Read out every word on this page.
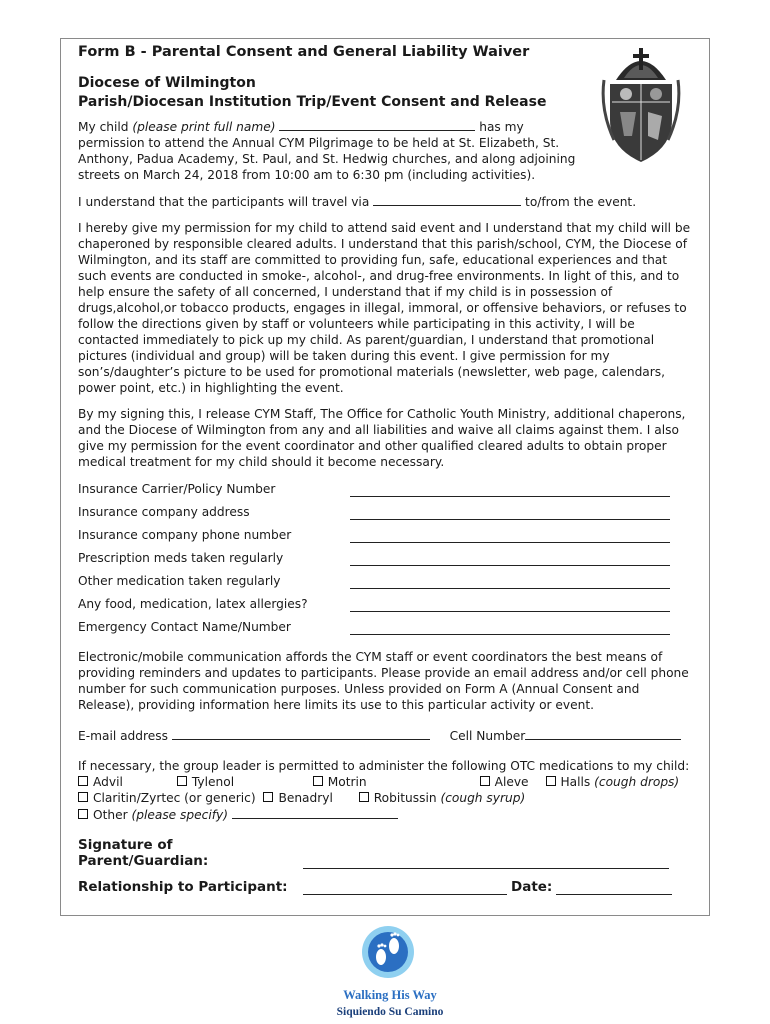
Form B - Parental Consent and General Liability Waiver
Diocese of Wilmington
Parish/Diocesan Institution Trip/Event Consent and Release
My child (please print full name)	has my permission to attend the Annual CYM Pilgrimage to be held at St. Elizabeth, St. Anthony, Padua Academy, St. Paul, and St. Hedwig churches, and along adjoining streets on March 24, 2018 from 10:00 am to 6:30 pm (including activities).
I understand that the participants will travel via	to/from the event.
I hereby give my permission for my child to attend said event and I understand that my child will be chaperoned by responsible cleared adults. I understand that this parish/school, CYM, the Diocese of Wilmington, and its staff are committed to providing fun, safe, educational experiences and that such events are conducted in smoke-, alcohol-, and drug-free environments. In light of this, and to help ensure the safety of all concerned, I understand that if my child is in possession of drugs,alcohol,or tobacco products, engages in illegal, immoral, or offensive behaviors, or refuses to follow the directions given by staff or volunteers while participating in this activity, I will be contacted immediately to pick up my child. As parent/guardian, I understand that promotional pictures (individual and group) will be taken during this event. I give permission for my son’s/daughter’s picture to be used for promotional materials (newsletter, web page, calendars, power point, etc.) in highlighting the event.
By my signing this, I release CYM Staff, The Office for Catholic Youth Ministry, additional chaperons, and the Diocese of Wilmington from any and all liabilities and waive all claims against them. I also give my permission for the event coordinator and other qualified cleared adults to obtain proper medical treatment for my child should it become necessary.
Insurance Carrier/Policy Number
Insurance company address
Insurance company phone number
Prescription meds taken regularly
Other medication taken regularly
Any food, medication, latex allergies?
Emergency Contact Name/Number
Electronic/mobile communication affords the CYM staff or event coordinators the best means of providing reminders and updates to participants. Please provide an email address and/or cell phone number for such communication purposes. Unless provided on Form A (Annual Consent and Release), providing information here limits its use to this particular activity or event.
E-mail address	Cell Number
If necessary, the group leader is permitted to administer the following OTC medications to my child:
Advil	Tylenol	Motrin	Aleve	Halls (cough drops)
Claritin/Zyrtec (or generic) Benadryl	Robitussin (cough syrup)
Other (please specify)
Signature of Parent/Guardian:
Relationship to Participant:	Date:
Walking His Way
Siquiendo Su Camino
